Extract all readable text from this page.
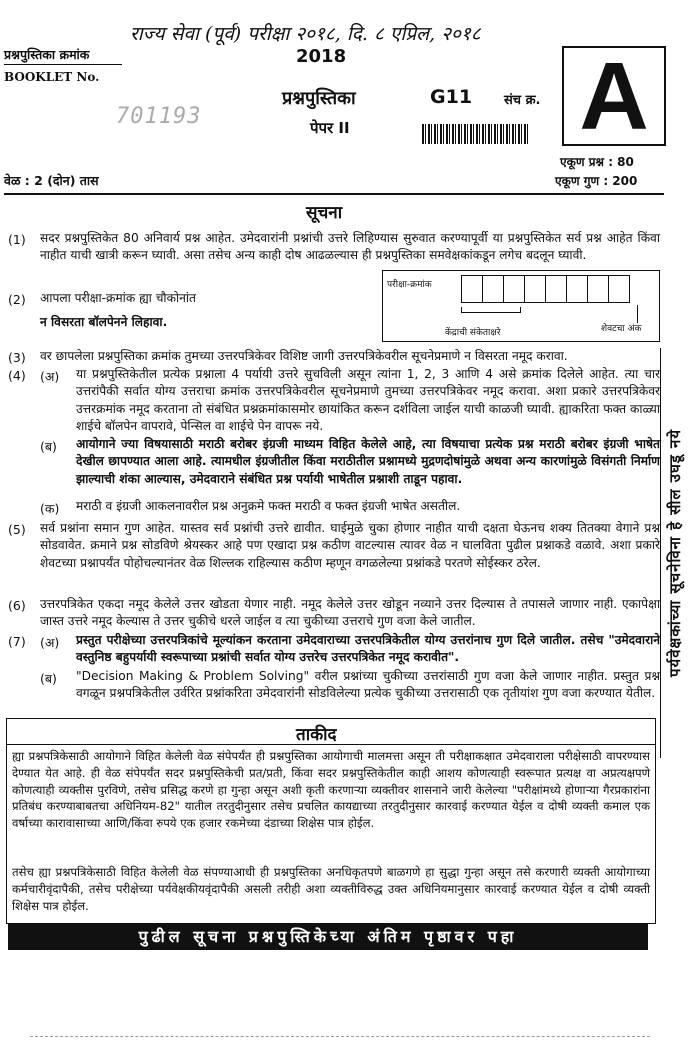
राज्य सेवा (पूर्व) परीक्षा २०१८, दि. ८ एप्रिल, २०१८
प्रश्नपुस्तिका क्रमांक
BOOKLET No.
701193
2018
प्रश्नपुस्तिका
पेपर II
G11 संच क्र. A
एकूण प्रश्न : 80
एकूण गुण : 200
वेळ : 2 (दोन) तास
सूचना
(1) सदर प्रश्नपुस्तिकेत 80 अनिवार्य प्रश्न आहेत. उमेदवारांनी प्रश्नांची उत्तरे लिहिण्यास सुरुवात करण्यापूर्वी या प्रश्नपुस्तिकेत सर्व प्रश्न आहेत किंवा नाहीत याची खात्री करून घ्यावी. असा तसेच अन्य काही दोष आढळल्यास ही प्रश्नपुस्तिका समवेक्षकांकडून लगेच बदलून घ्यावी.
(2) आपला परीक्षा-क्रमांक ह्या चौकोनांत
न विसरता बॉलपेनने लिहावा.
परीक्षा-क्रमांक
केंद्राची संकेताक्षरे	शेवटचा अंक
(3) वर छापलेला प्रश्नपुस्तिका क्रमांक तुमच्या उत्तरपत्रिकेवर विशिष्ट जागी उत्तरपत्रिकेवरील सूचनेप्रमाणे न विसरता नमूद करावा.
(4) (अ) या प्रश्नपुस्तिकेतील प्रत्येक प्रश्नाला 4 पर्यायी उत्तरे सुचविली असून त्यांना 1, 2, 3 आणि 4 असे क्रमांक दिलेले आहेत. त्या चार उत्तरांपैकी सर्वात योग्य उत्तराचा क्रमांक उत्तरपत्रिकेवरील सूचनेप्रमाणे तुमच्या उत्तरपत्रिकेवर नमूद करावा. अशा प्रकारे उत्तरपत्रिकेवर उत्तरक्रमांक नमूद करताना तो संबंधित प्रश्नक्रमांकासमोर छायांकित करून दर्शविला जाईल याची काळजी घ्यावी. ह्याकरिता फक्त काळ्या शाईचे बॉलपेन वापरावे, पेन्सिल वा शाईचे पेन वापरू नये.
(ब) आयोगाने ज्या विषयासाठी मराठी बरोबर इंग्रजी माध्यम विहित केलेले आहे, त्या विषयाचा प्रत्येक प्रश्न मराठी बरोबर इंग्रजी भाषेत देखील छापण्यात आला आहे. त्यामधील इंग्रजीतील किंवा मराठीतील प्रश्नामध्ये मुद्रणदोषांमुळे अथवा अन्य कारणांमुळे विसंगती निर्माण झाल्याची शंका आल्यास, उमेदवाराने संबंधित प्रश्न पर्यायी भाषेतील प्रश्नाशी ताडून पहावा.
(क) मराठी व इंग्रजी आकलनावरील प्रश्न अनुक्रमे फक्त मराठी व फक्त इंग्रजी भाषेत असतील.
(5) सर्व प्रश्नांना समान गुण आहेत. यास्तव सर्व प्रश्नांची उत्तरे द्यावीत. घाईमुळे चुका होणार नाहीत याची दक्षता घेऊनच शक्य तितक्या वेगाने प्रश्न सोडवावेत. क्रमाने प्रश्न सोडविणे श्रेयस्कर आहे पण एखादा प्रश्न कठीण वाटल्यास त्यावर वेळ न घालविता पुढील प्रश्नाकडे वळावे. अशा प्रकारे शेवटच्या प्रश्नापर्यंत पोहोचल्यानंतर वेळ शिल्लक राहिल्यास कठीण म्हणून वगळलेल्या प्रश्नांकडे परतणे सोईस्कर ठरेल.
(6) उत्तरपत्रिकेत एकदा नमूद केलेले उत्तर खोडता येणार नाही. नमूद केलेले उत्तर खोडून नव्याने उत्तर दिल्यास ते तपासले जाणार नाही. एकापेक्षा जास्त उत्तरे नमूद केल्यास ते उत्तर चुकीचे धरले जाईल व त्या चुकीच्या उत्तराचे गुण वजा केले जातील.
(7) (अ) प्रस्तुत परीक्षेच्या उत्तरपत्रिकांचे मूल्यांकन करताना उमेदवाराच्या उत्तरपत्रिकेतील योग्य उत्तरांनाच गुण दिले जातील. तसेच "उमेदवाराने वस्तुनिष्ठ बहुपर्यायी स्वरूपाच्या प्रश्नांची सर्वात योग्य उत्तरेच उत्तरपत्रिकेत नमूद करावीत".
(ब) "Decision Making & Problem Solving" वरील प्रश्नांच्या चुकीच्या उत्तरांसाठी गुण वजा केले जाणार नाहीत. प्रस्तुत प्रश्न वगळून प्रश्नपत्रिकेतील उर्वरित प्रश्नांकरिता उमेदवारांनी सोडविलेल्या प्रत्येक चुकीच्या उत्तरासाठी एक तृतीयांश गुण वजा करण्यात येतील.
पर्यवेक्षकांच्या सूचनेविना हे सील उघडू नये
ताकीद
ह्या प्रश्नपत्रिकेसाठी आयोगाने विहित केलेली वेळ संपेपर्यंत ही प्रश्नपुस्तिका आयोगाची मालमत्ता असून ती परीक्षाकक्षात उमेदवाराला परीक्षेसाठी वापरण्यास देण्यात येत आहे. ही वेळ संपेपर्यंत सदर प्रश्नपुस्तिकेची प्रत/प्रती, किंवा सदर प्रश्नपुस्तिकेतील काही आशय कोणत्याही स्वरूपात प्रत्यक्ष वा अप्रत्यक्षपणे कोणत्याही व्यक्तीस पुरविणे, तसेच प्रसिद्ध करणे हा गुन्हा असून अशी कृती करणाऱ्या व्यक्तीवर शासनाने जारी केलेल्या "परीक्षांमध्ये होणाऱ्या गैरप्रकारांना प्रतिबंध करण्याबाबतचा अधिनियम-82" यातील तरतुदीनुसार तसेच प्रचलित कायद्याच्या तरतुदीनुसार कारवाई करण्यात येईल व दोषी व्यक्ती कमाल एक वर्षाच्या कारावासाच्या आणि/किंवा रुपये एक हजार रकमेच्या दंडाच्या शिक्षेस पात्र होईल.
तसेच ह्या प्रश्नपत्रिकेसाठी विहित केलेली वेळ संपण्याआधी ही प्रश्नपुस्तिका अनधिकृतपणे बाळगणे हा सुद्धा गुन्हा असून तसे करणारी व्यक्ती आयोगाच्या कर्मचारीवृंदापैकी, तसेच परीक्षेच्या पर्यवेक्षकीयवृंदापैकी असली तरीही अशा व्यक्तीविरुद्ध उक्त अधिनियमानुसार कारवाई करण्यात येईल व दोषी व्यक्ती शिक्षेस पात्र होईल.
पुढील सूचना प्रश्नपुस्तिकेच्या अंतिम पृष्ठावर पहा
